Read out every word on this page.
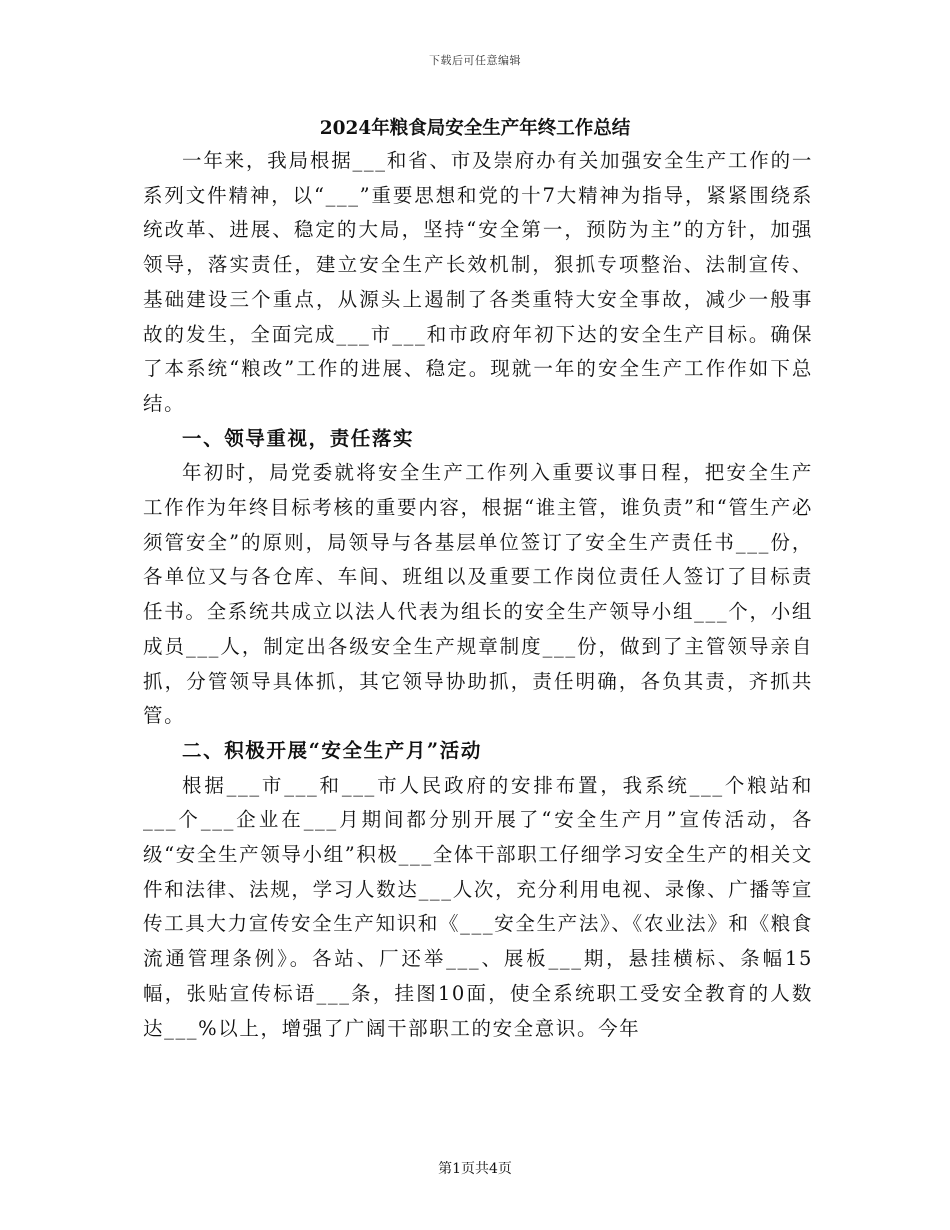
下载后可任意编辑
2024年粮食局安全生产年终工作总结

一年来，我局根据___和省、市及崇府办有关加强安全生产工作的一系列文件精神，以“___”重要思想和党的十7大精神为指导，紧紧围绕系统改革、进展、稳定的大局，坚持“安全第一，预防为主”的方针，加强领导，落实责任，建立安全生产长效机制，狠抓专项整治、法制宣传、基础建设三个重点，从源头上遏制了各类重特大安全事故，减少一般事故的发生，全面完成___市___和市政府年初下达的安全生产目标。确保了本系统“粮改”工作的进展、稳定。现就一年的安全生产工作作如下总结。

一、领导重视，责任落实

年初时，局党委就将安全生产工作列入重要议事日程，把安全生产工作作为年终目标考核的重要内容，根据“谁主管，谁负责”和“管生产必须管安全”的原则，局领导与各基层单位签订了安全生产责任书___份，各单位又与各仓库、车间、班组以及重要工作岗位责任人签订了目标责任书。全系统共成立以法人代表为组长的安全生产领导小组___个，小组成员___人，制定出各级安全生产规章制度___份，做到了主管领导亲自抓，分管领导具体抓，其它领导协助抓，责任明确，各负其责，齐抓共管。

二、积极开展“安全生产月”活动

根据___市___和___市人民政府的安排布置，我系统___个粮站和___个___企业在___月期间都分别开展了“安全生产月”宣传活动，各级“安全生产领导小组”积极___全体干部职工仔细学习安全生产的相关文件和法律、法规，学习人数达___人次，充分利用电视、录像、广播等宣传工具大力宣传安全生产知识和《___安全生产法》、《农业法》和《粮食流通管理条例》。各站、厂还举___、展板___期，悬挂横标、条幅15幅，张贴宣传标语___条，挂图10面，使全系统职工受安全教育的人数达___%以上，增强了广阔干部职工的安全意识。今年

第1页共4页
